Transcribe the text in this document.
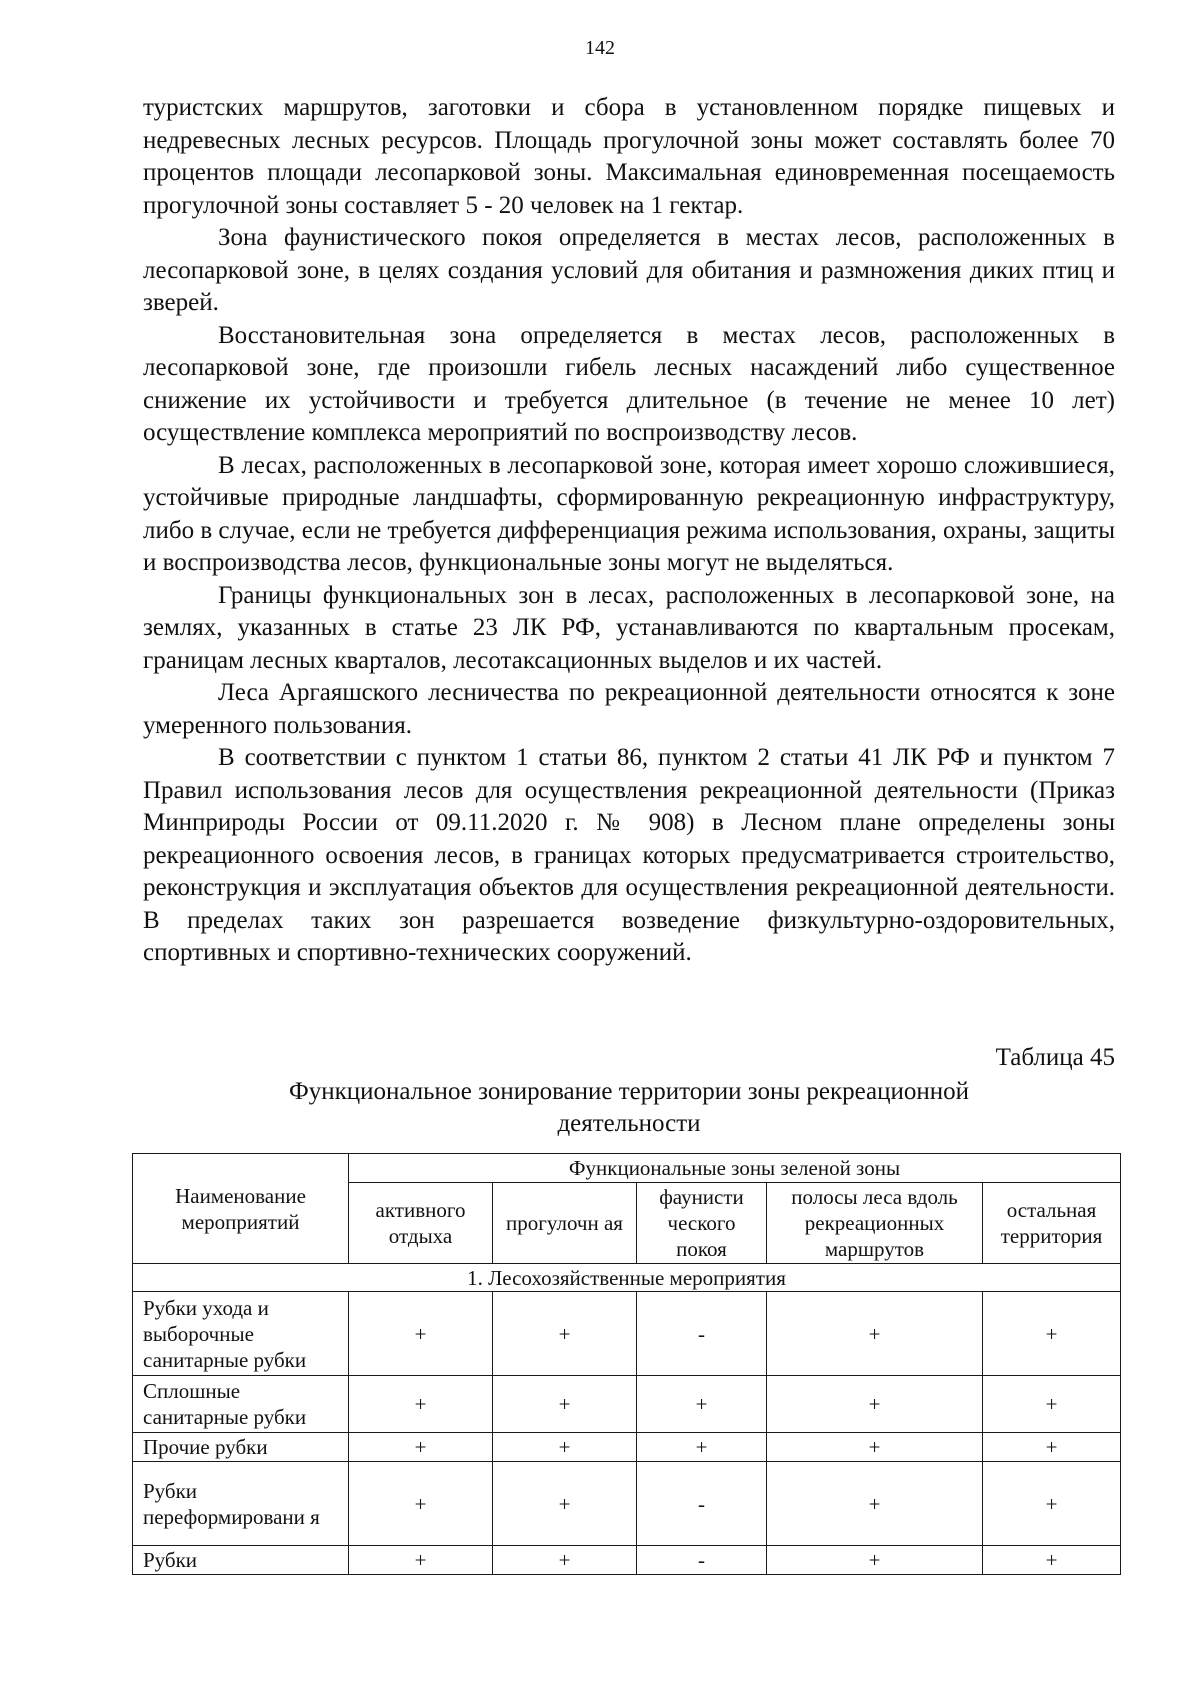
142

туристских маршрутов, заготовки и сбора в установленном порядке пищевых и недревесных лесных ресурсов. Площадь прогулочной зоны может составлять более 70 процентов площади лесопарковой зоны. Максимальная единовременная посещаемость прогулочной зоны составляет 5 - 20 человек на 1 гектар.

Зона фаунистического покоя определяется в местах лесов, расположенных в лесопарковой зоне, в целях создания условий для обитания и размножения диких птиц и зверей.

Восстановительная зона определяется в местах лесов, расположенных в лесопарковой зоне, где произошли гибель лесных насаждений либо существенное снижение их устойчивости и требуется длительное (в течение не менее 10 лет) осуществление комплекса мероприятий по воспроизводству лесов.

В лесах, расположенных в лесопарковой зоне, которая имеет хорошо сложившиеся, устойчивые природные ландшафты, сформированную рекреационную инфраструктуру, либо в случае, если не требуется дифференциация режима использования, охраны, защиты и воспроизводства лесов, функциональные зоны могут не выделяться.

Границы функциональных зон в лесах, расположенных в лесопарковой зоне, на землях, указанных в статье 23 ЛК РФ, устанавливаются по квартальным просекам, границам лесных кварталов, лесотаксационных выделов и их частей.

Леса Аргаяшского лесничества по рекреационной деятельности относятся к зоне умеренного пользования.

В соответствии с пунктом 1 статьи 86, пунктом 2 статьи 41 ЛК РФ и пунктом 7 Правил использования лесов для осуществления рекреационной деятельности (Приказ Минприроды России от 09.11.2020 г. № 908) в Лесном плане определены зоны рекреационного освоения лесов, в границах которых предусматривается строительство, реконструкция и эксплуатация объектов для осуществления рекреационной деятельности. В пределах таких зон разрешается возведение физкультурно-оздоровительных, спортивных и спортивно-технических сооружений.

Таблица 45
Функциональное зонирование территории зоны рекреационной
деятельности
Наименование мероприятий	Функциональные зоны зеленой зоны				
	активного отдыха	прогулочн ая	фаунисти ческого покоя	полосы леса вдоль рекреационных маршрутов	остальная территория
1. Лесохозяйственные мероприятия					
Рубки ухода и выборочные санитарные рубки	+	+	-	+	+
Сплошные санитарные рубки	+	+	+	+	+
Прочие рубки	+	+	+	+	+
Рубки переформировани я	+	+	-	+	+
Рубки	+	+	-	+	+
